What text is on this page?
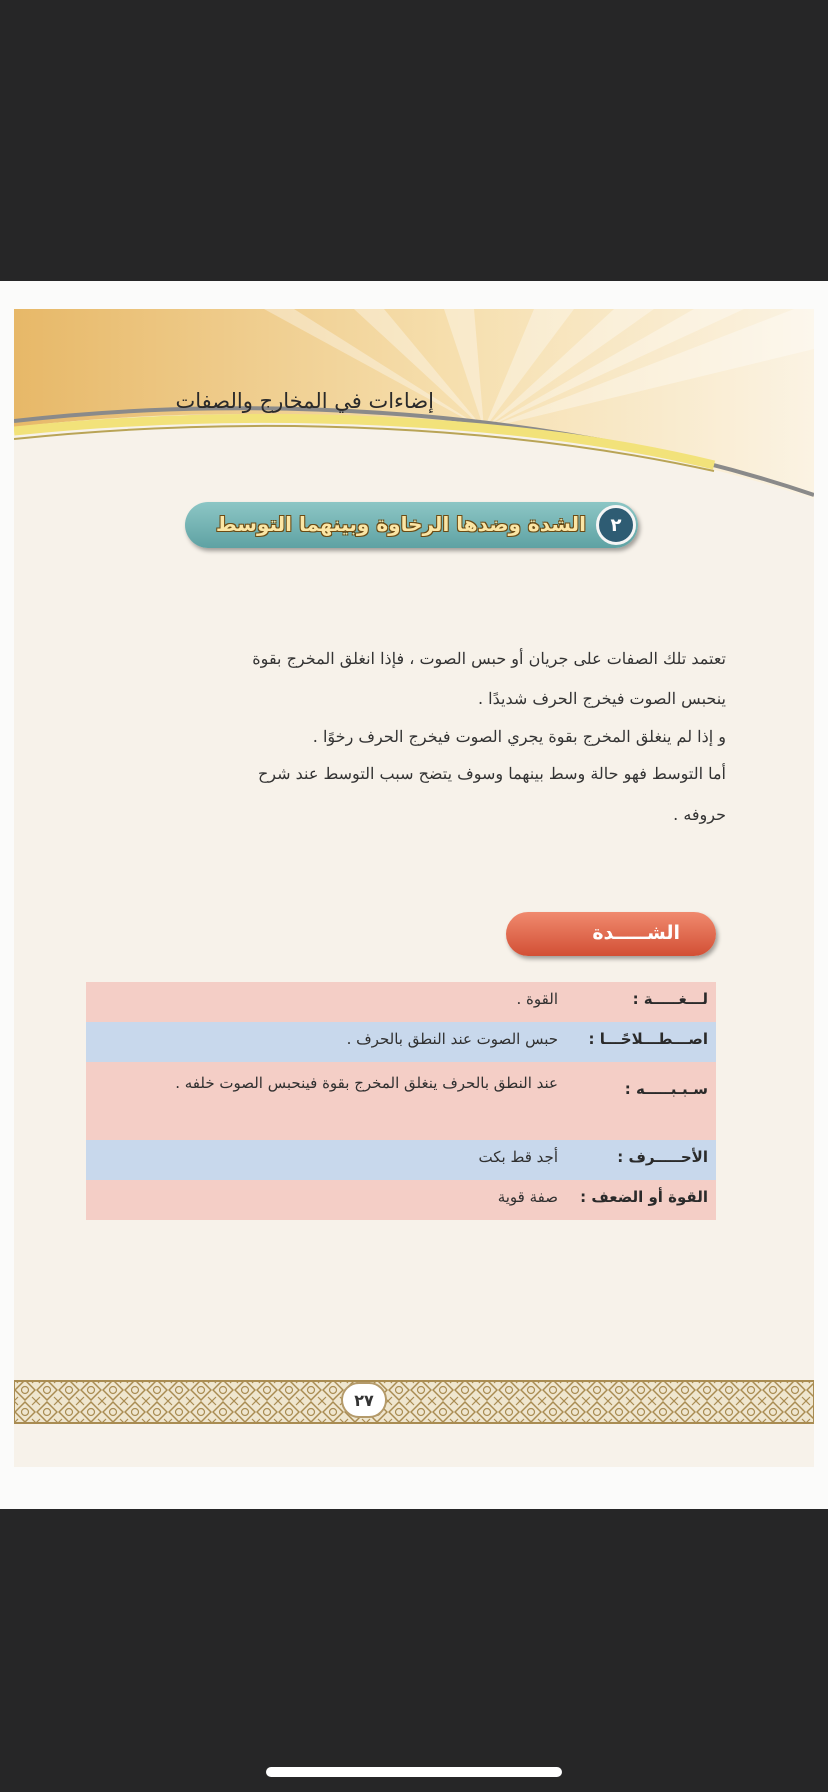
إضاءات في المخارج والصفات
الشدة وضدها الرخاوة وبينهما التوسط	٢
تعتمد تلك الصفات على جريان أو حبس الصوت ، فإذا انغلق المخرج بقوة
ينحبس الصوت فيخرج الحرف شديدًا .
و إذا لم ينغلق المخرج بقوة يجري الصوت فيخرج الحرف رخوًا .
أما التوسط فهو حالة وسط بينهما وسوف يتضح سبب التوسط عند شرح
حروفه .
الشـــــدة
لـــغـــــة :
القوة .
اصـــطـــلاحًـــا :
حبس الصوت عند النطق بالحرف .
سـبـبـــــه :
عند النطق بالحرف ينغلق المخرج بقوة فينحبس الصوت خلفه .
الأحـــــرف :
أجد قط بكت
القوة أو الضعف :
صفة قوية
٢٧
